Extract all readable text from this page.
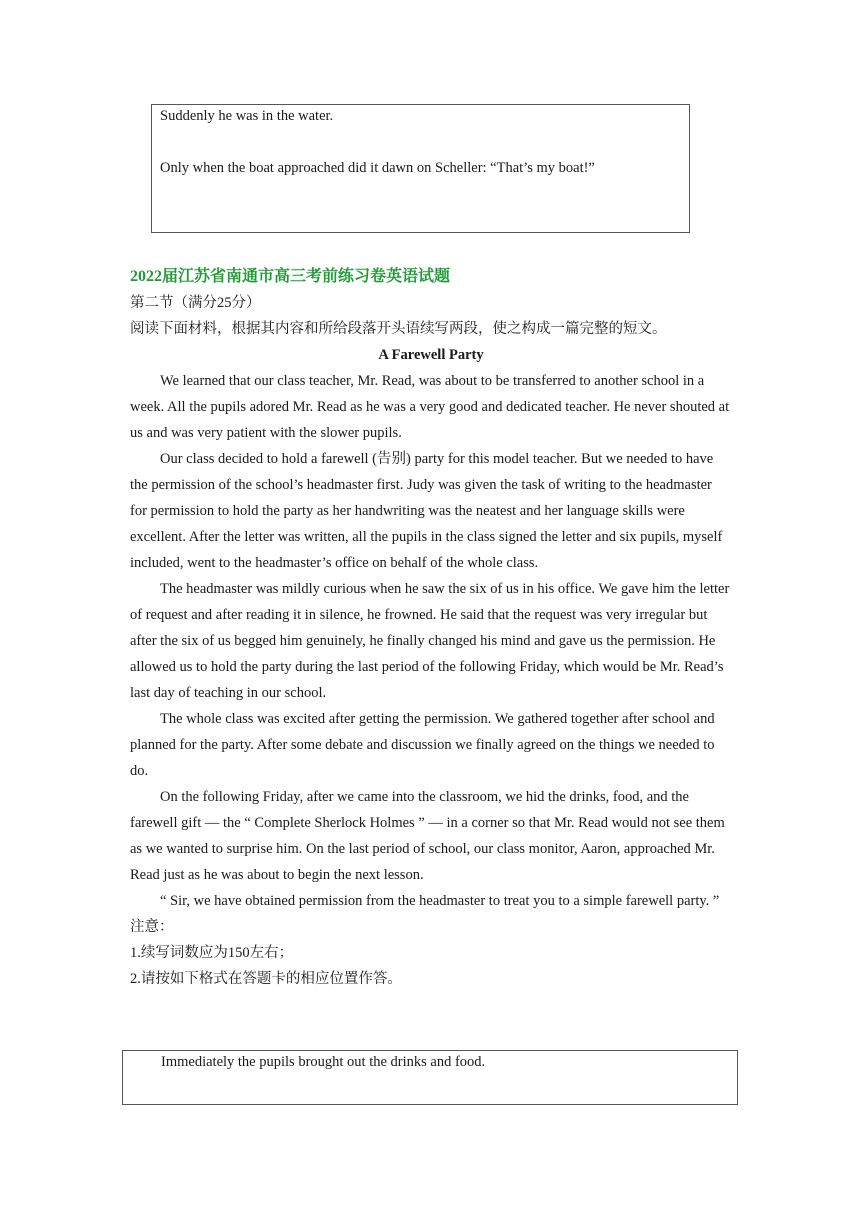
Suddenly he was in the water.

Only when the boat approached did it dawn on Scheller: “That’s my boat!”

2022届江苏省南通市高三考前练习卷英语试题

第二节（满分25分）

阅读下面材料，根据其内容和所给段落开头语续写两段，使之构成一篇完整的短文。

A Farewell Party

We learned that our class teacher, Mr. Read, was about to be transferred to another school in a week. All the pupils adored Mr. Read as he was a very good and dedicated teacher. He never shouted at us and was very patient with the slower pupils.

Our class decided to hold a farewell (告别) party for this model teacher. But we needed to have the permission of the school’s headmaster first. Judy was given the task of writing to the headmaster for permission to hold the party as her handwriting was the neatest and her language skills were excellent. After the letter was written, all the pupils in the class signed the letter and six pupils, myself included, went to the headmaster’s office on behalf of the whole class.

The headmaster was mildly curious when he saw the six of us in his office. We gave him the letter of request and after reading it in silence, he frowned. He said that the request was very irregular but after the six of us begged him genuinely, he finally changed his mind and gave us the permission. He allowed us to hold the party during the last period of the following Friday, which would be Mr. Read’s last day of teaching in our school.

The whole class was excited after getting the permission. We gathered together after school and planned for the party. After some debate and discussion we finally agreed on the things we needed to do.

On the following Friday, after we came into the classroom, we hid the drinks, food, and the farewell gift — the “ Complete Sherlock Holmes ” — in a corner so that Mr. Read would not see them as we wanted to surprise him. On the last period of school, our class monitor, Aaron, approached Mr. Read just as he was about to begin the next lesson.

“ Sir, we have obtained permission from the headmaster to treat you to a simple farewell party. ”

注意：

1.续写词数应为150左右；

2.请按如下格式在答题卡的相应位置作答。

Immediately the pupils brought out the drinks and food.
